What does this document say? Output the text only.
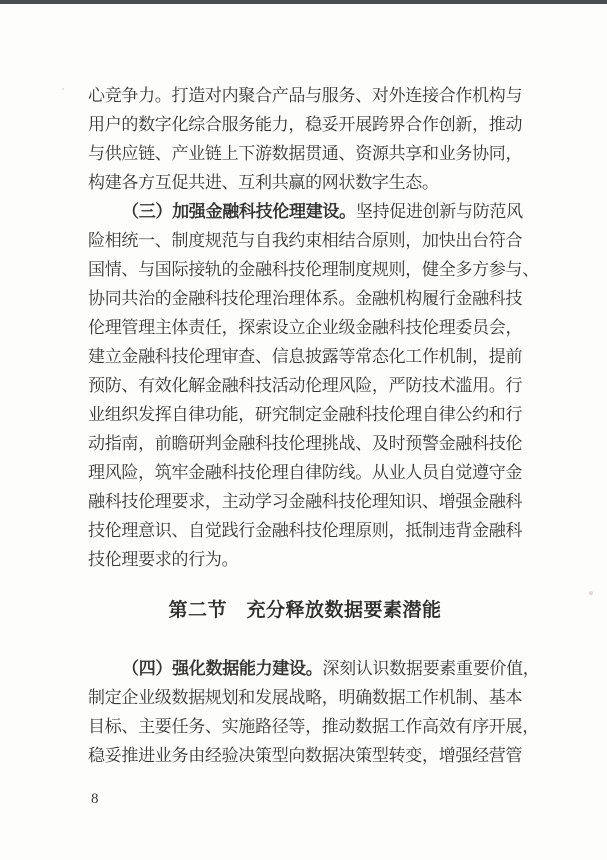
心竞争力。打造对内聚合产品与服务、对外连接合作机构与
用户的数字化综合服务能力，稳妥开展跨界合作创新，推动
与供应链、产业链上下游数据贯通、资源共享和业务协同，
构建各方互促共进、互利共赢的网状数字生态。
（三）加强金融科技伦理建设。坚持促进创新与防范风
险相统一、制度规范与自我约束相结合原则，加快出台符合
国情、与国际接轨的金融科技伦理制度规则，健全多方参与、
协同共治的金融科技伦理治理体系。金融机构履行金融科技
伦理管理主体责任，探索设立企业级金融科技伦理委员会，
建立金融科技伦理审查、信息披露等常态化工作机制，提前
预防、有效化解金融科技活动伦理风险，严防技术滥用。行
业组织发挥自律功能，研究制定金融科技伦理自律公约和行
动指南，前瞻研判金融科技伦理挑战、及时预警金融科技伦
理风险，筑牢金融科技伦理自律防线。从业人员自觉遵守金
融科技伦理要求，主动学习金融科技伦理知识、增强金融科
技伦理意识、自觉践行金融科技伦理原则，抵制违背金融科
技伦理要求的行为。
第二节　充分释放数据要素潜能
（四）强化数据能力建设。深刻认识数据要素重要价值，
制定企业级数据规划和发展战略，明确数据工作机制、基本
目标、主要任务、实施路径等，推动数据工作高效有序开展，
稳妥推进业务由经验决策型向数据决策型转变，增强经营管
8
